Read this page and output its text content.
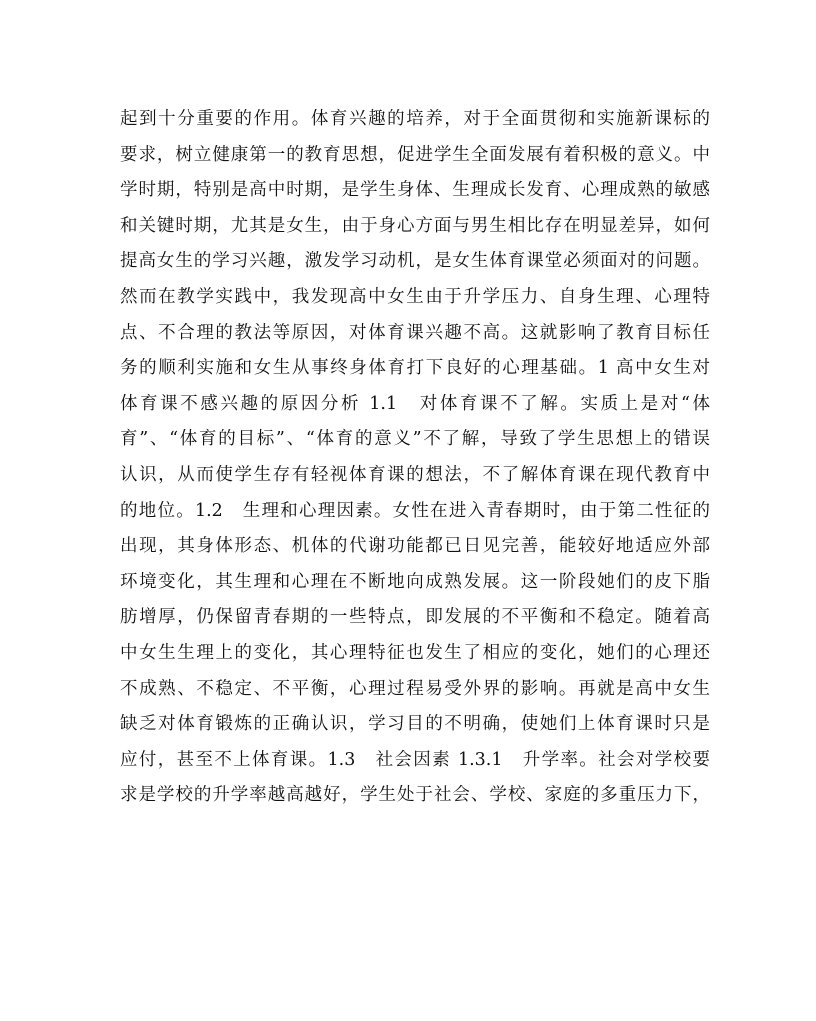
起到十分重要的作用。体育兴趣的培养，对于全面贯彻和实施新课标的
要求，树立健康第一的教育思想，促进学生全面发展有着积极的意义。中
学时期，特别是高中时期，是学生身体、生理成长发育、心理成熟的敏感
和关键时期，尤其是女生，由于身心方面与男生相比存在明显差异，如何
提高女生的学习兴趣，激发学习动机，是女生体育课堂必须面对的问题。
然而在教学实践中，我发现高中女生由于升学压力、自身生理、心理特
点、不合理的教法等原因，对体育课兴趣不高。这就影响了教育目标任
务的顺利实施和女生从事终身体育打下良好的心理基础。1 高中女生对
体育课不感兴趣的原因分析 1.1　对体育课不了解。实质上是对“体
育”、“体育的目标”、“体育的意义”不了解，导致了学生思想上的错误
认识，从而使学生存有轻视体育课的想法，不了解体育课在现代教育中
的地位。1.2　生理和心理因素。女性在进入青春期时，由于第二性征的
出现，其身体形态、机体的代谢功能都已日见完善，能较好地适应外部
环境变化，其生理和心理在不断地向成熟发展。这一阶段她们的皮下脂
肪增厚，仍保留青春期的一些特点，即发展的不平衡和不稳定。随着高
中女生生理上的变化，其心理特征也发生了相应的变化，她们的心理还
不成熟、不稳定、不平衡，心理过程易受外界的影响。再就是高中女生
缺乏对体育锻炼的正确认识，学习目的不明确，使她们上体育课时只是
应付，甚至不上体育课。1.3　社会因素 1.3.1　升学率。社会对学校要
求是学校的升学率越高越好，学生处于社会、学校、家庭的多重压力下，
